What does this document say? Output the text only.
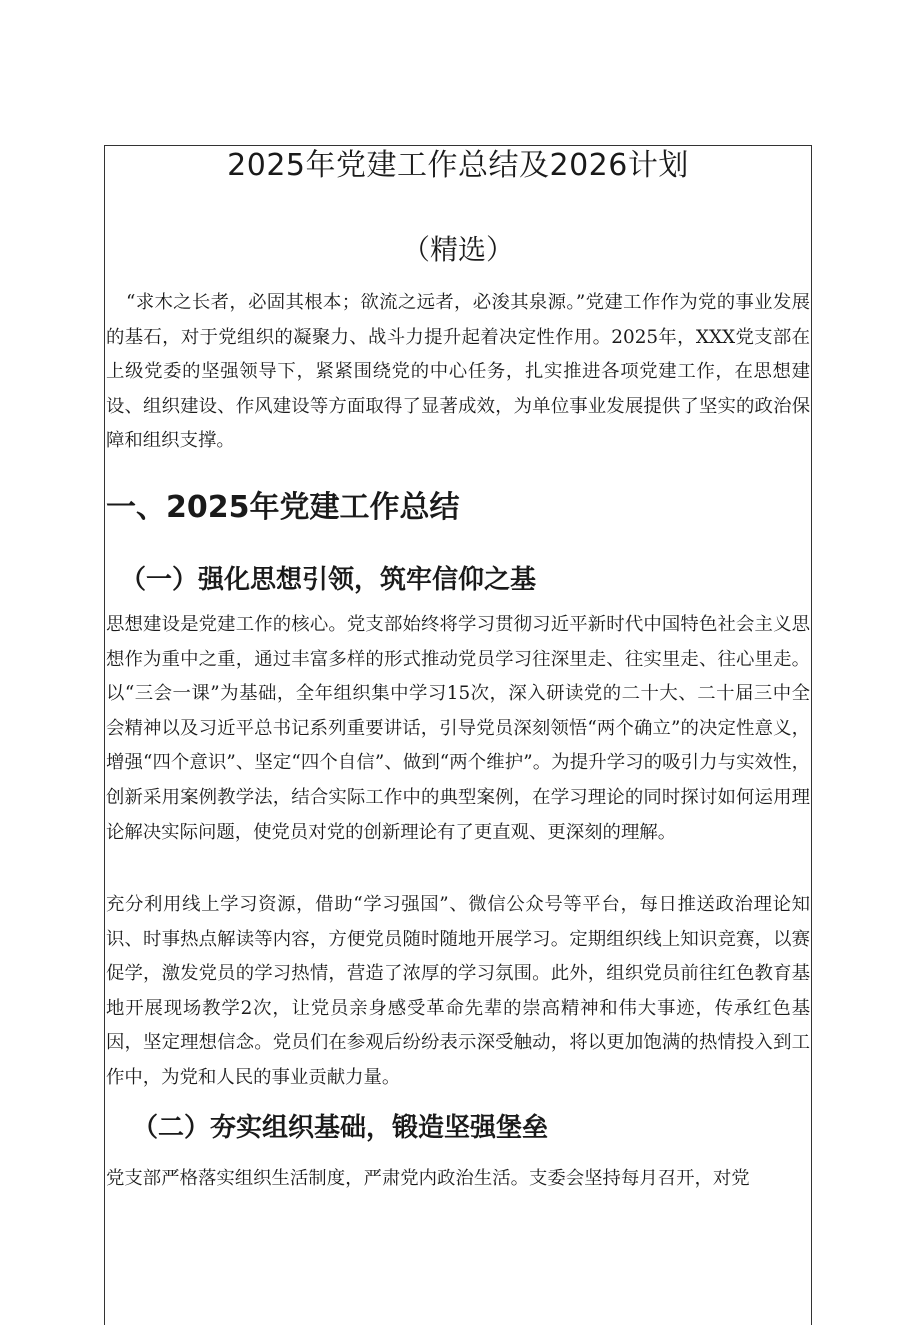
2025年党建工作总结及2026计划
（精选）

“求木之长者，必固其根本；欲流之远者，必浚其泉源。”党建工作作为党的事业发展的基石，对于党组织的凝聚力、战斗力提升起着决定性作用。2025年，XXX党支部在上级党委的坚强领导下，紧紧围绕党的中心任务，扎实推进各项党建工作，在思想建设、组织建设、作风建设等方面取得了显著成效，为单位事业发展提供了坚实的政治保障和组织支撑。

一、2025年党建工作总结
（一）强化思想引领，筑牢信仰之基

思想建设是党建工作的核心。党支部始终将学习贯彻习近平新时代中国特色社会主义思想作为重中之重，通过丰富多样的形式推动党员学习往深里走、往实里走、往心里走。以“三会一课”为基础，全年组织集中学习15次，深入研读党的二十大、二十届三中全会精神以及习近平总书记系列重要讲话，引导党员深刻领悟“两个确立”的决定性意义，增强“四个意识”、坚定“四个自信”、做到“两个维护”。为提升学习的吸引力与实效性，创新采用案例教学法，结合实际工作中的典型案例，在学习理论的同时探讨如何运用理论解决实际问题，使党员对党的创新理论有了更直观、更深刻的理解。

充分利用线上学习资源，借助“学习强国”、微信公众号等平台，每日推送政治理论知识、时事热点解读等内容，方便党员随时随地开展学习。定期组织线上知识竞赛，以赛促学，激发党员的学习热情，营造了浓厚的学习氛围。此外，组织党员前往红色教育基地开展现场教学2次，让党员亲身感受革命先辈的崇高精神和伟大事迹，传承红色基因，坚定理想信念。党员们在参观后纷纷表示深受触动，将以更加饱满的热情投入到工作中，为党和人民的事业贡献力量。

（二）夯实组织基础，锻造坚强堡垒

党支部严格落实组织生活制度，严肃党内政治生活。支委会坚持每月召开，对党
